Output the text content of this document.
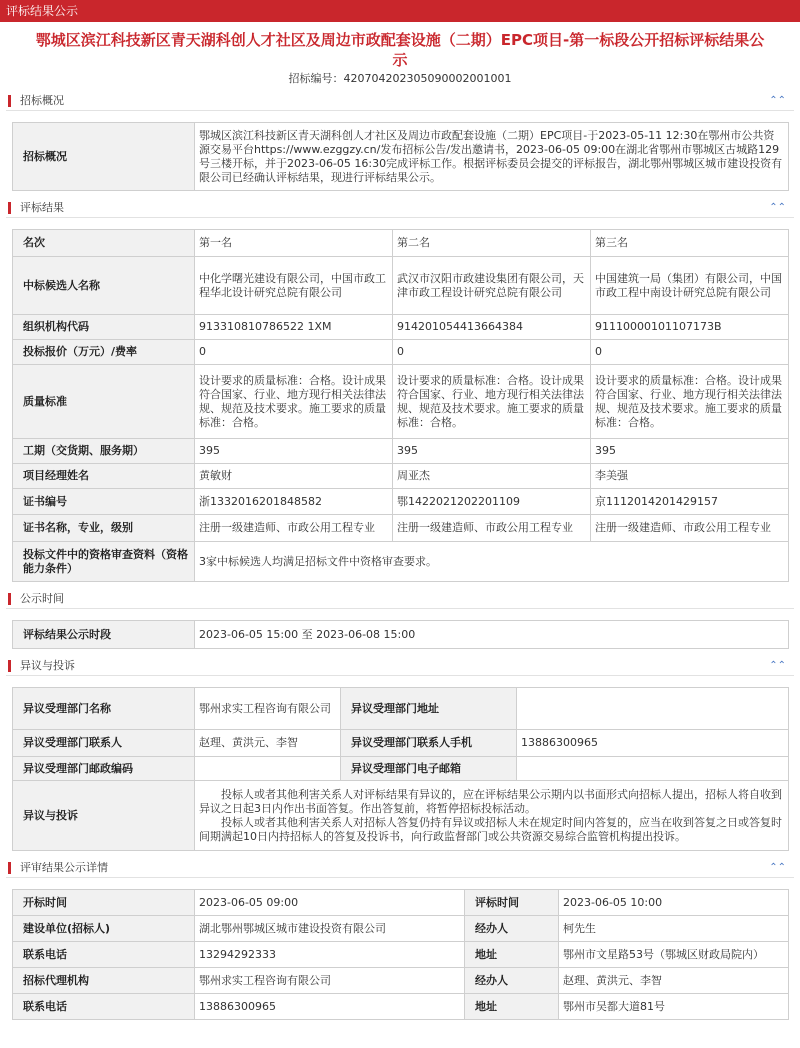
评标结果公示
鄂城区滨江科技新区青天湖科创人才社区及周边市政配套设施（二期）EPC项目-第一标段公开招标评标结果公示
招标编号：420704202305090002001001
招标概况	⌃⌃
招标概况	鄂城区滨江科技新区青天湖科创人才社区及周边市政配套设施（二期）EPC项目-于2023-05-11 12:30在鄂州市公共资源交易平台https://www.ezggzy.cn/发布招标公告/发出邀请书，2023-06-05 09:00在湖北省鄂州市鄂城区古城路129号三楼开标，并于2023-06-05 16:30完成评标工作。根据评标委员会提交的评标报告，湖北鄂州鄂城区城市建设投资有限公司已经确认评标结果，现进行评标结果公示。
评标结果	⌃⌃
名次	第一名	第二名	第三名
中标候选人名称	中化学曙光建设有限公司，中国市政工程华北设计研究总院有限公司	武汉市汉阳市政建设集团有限公司，天津市政工程设计研究总院有限公司	中国建筑一局（集团）有限公司，中国市政工程中南设计研究总院有限公司
组织机构代码	913310810786522 1XM	914201054413664384	91110000101107173B
投标报价（万元）/费率	0	0	0
质量标准	设计要求的质量标准：合格。设计成果符合国家、行业、地方现行相关法律法规、规范及技术要求。施工要求的质量标准：合格。	设计要求的质量标准：合格。设计成果符合国家、行业、地方现行相关法律法规、规范及技术要求。施工要求的质量标准：合格。	设计要求的质量标准：合格。设计成果符合国家、行业、地方现行相关法律法规、规范及技术要求。施工要求的质量标准：合格。
工期（交货期、服务期）	395	395	395
项目经理姓名	黄敏财	周亚杰	李美强
证书编号	浙1332016201848582	鄂1422021202201109	京1112014201429157
证书名称，专业，级别	注册一级建造师、市政公用工程专业	注册一级建造师、市政公用工程专业	注册一级建造师、市政公用工程专业
投标文件中的资格审查资料（资格能力条件）	3家中标候选人均满足招标文件中资格审查要求。		
公示时间
评标结果公示时段	2023-06-05 15:00 至 2023-06-08 15:00
异议与投诉	⌃⌃
异议受理部门名称	鄂州求实工程咨询有限公司	异议受理部门地址	
异议受理部门联系人	赵理、黄洪元、李智	异议受理部门联系人手机	13886300965
异议受理部门邮政编码		异议受理部门电子邮箱	
异议与投诉	投标人或者其他利害关系人对评标结果有异议的，应在评标结果公示期内以书面形式向招标人提出，招标人将自收到异议之日起3日内作出书面答复。作出答复前，将暂停招标投标活动。
投标人或者其他利害关系人对招标人答复仍持有异议或招标人未在规定时间内答复的，应当在收到答复之日或答复时间期满起10日内持招标人的答复及投诉书，向行政监督部门或公共资源交易综合监管机构提出投诉。		
评审结果公示详情	⌃⌃
开标时间	2023-06-05 09:00	评标时间	2023-06-05 10:00
建设单位(招标人)	湖北鄂州鄂城区城市建设投资有限公司	经办人	柯先生
联系电话	13294292333	地址	鄂州市文星路53号（鄂城区财政局院内）
招标代理机构	鄂州求实工程咨询有限公司	经办人	赵理、黄洪元、李智
联系电话	13886300965	地址	鄂州市吴都大道81号
